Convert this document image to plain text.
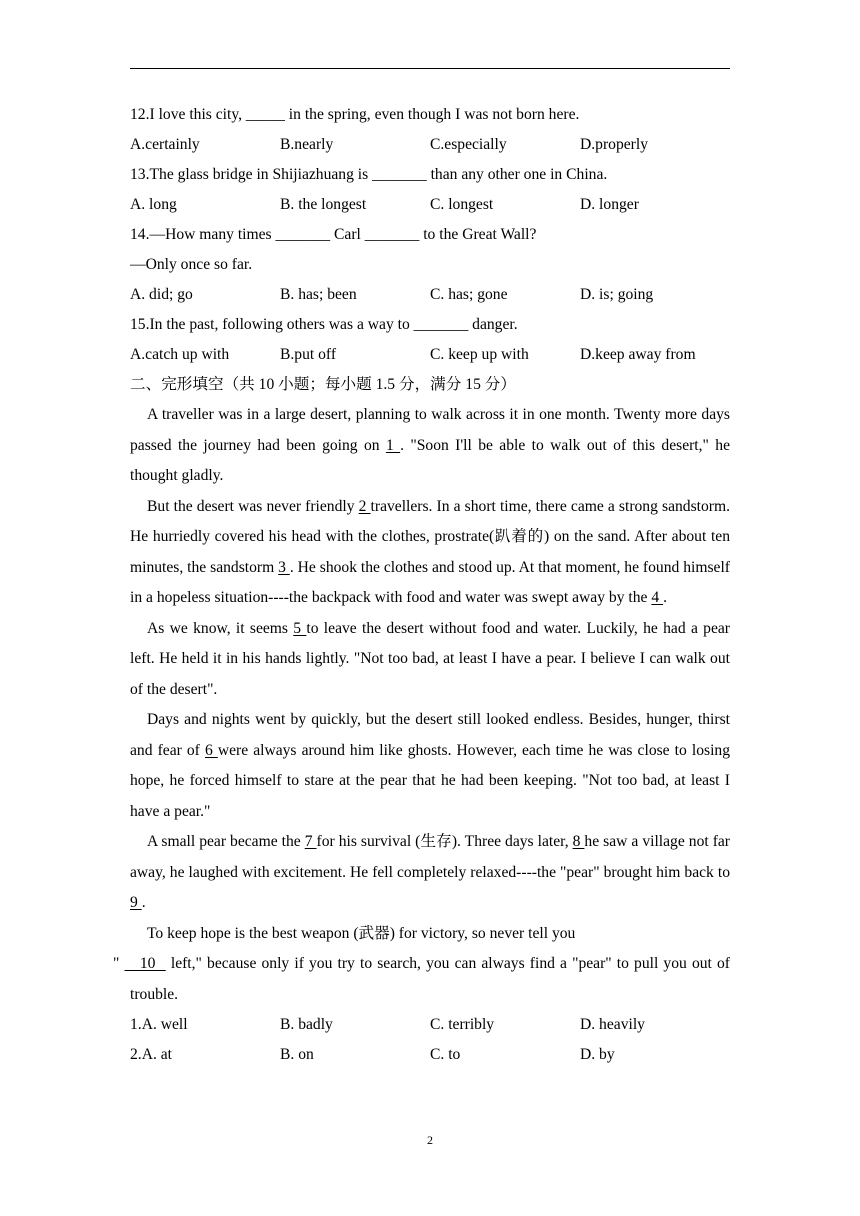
12.I love this city, _____ in the spring, even though I was not born here.
A.certainly	B.nearly	C.especially	D.properly
13.The glass bridge in Shijiazhuang is _______ than any other one in China.
A. long	B. the longest	C. longest	D. longer
14.—How many times _______ Carl _______ to the Great Wall?
—Only once so far.
A. did; go	B. has; been	C. has; gone	D. is; going
15.In the past, following others was a way to _______ danger.
A.catch up with	B.put off	C. keep up with	D.keep away from
二、完形填空（共 10 小题；每小题 1.5 分，满分 15 分）
A traveller was in a large desert, planning to walk across it in one month. Twenty more days passed the journey had been going on 1 . "Soon I'll be able to walk out of this desert," he thought gladly.
But the desert was never friendly 2 travellers. In a short time, there came a strong sandstorm. He hurriedly covered his head with the clothes, prostrate(趴着的) on the sand. After about ten minutes, the sandstorm 3 . He shook the clothes and stood up. At that moment, he found himself in a hopeless situation----the backpack with food and water was swept away by the 4 .
As we know, it seems 5 to leave the desert without food and water. Luckily, he had a pear left. He held it in his hands lightly. "Not too bad, at least I have a pear. I believe I can walk out of the desert".
Days and nights went by quickly, but the desert still looked endless. Besides, hunger, thirst and fear of 6 were always around him like ghosts. However, each time he was close to losing hope, he forced himself to stare at the pear that he had been keeping. "Not too bad, at least I have a pear."
A small pear became the 7 for his survival (生存). Three days later, 8 he saw a village not far away, he laughed with excitement. He fell completely relaxed----the "pear" brought him back to 9 .
To keep hope is the best weapon (武器) for victory, so never tell you
"    10   left," because only if you try to search, you can always find a "pear" to pull you out of trouble.
1.A. well	B. badly	C. terribly	D. heavily
2.A. at	B. on	C. to	D. by
2
